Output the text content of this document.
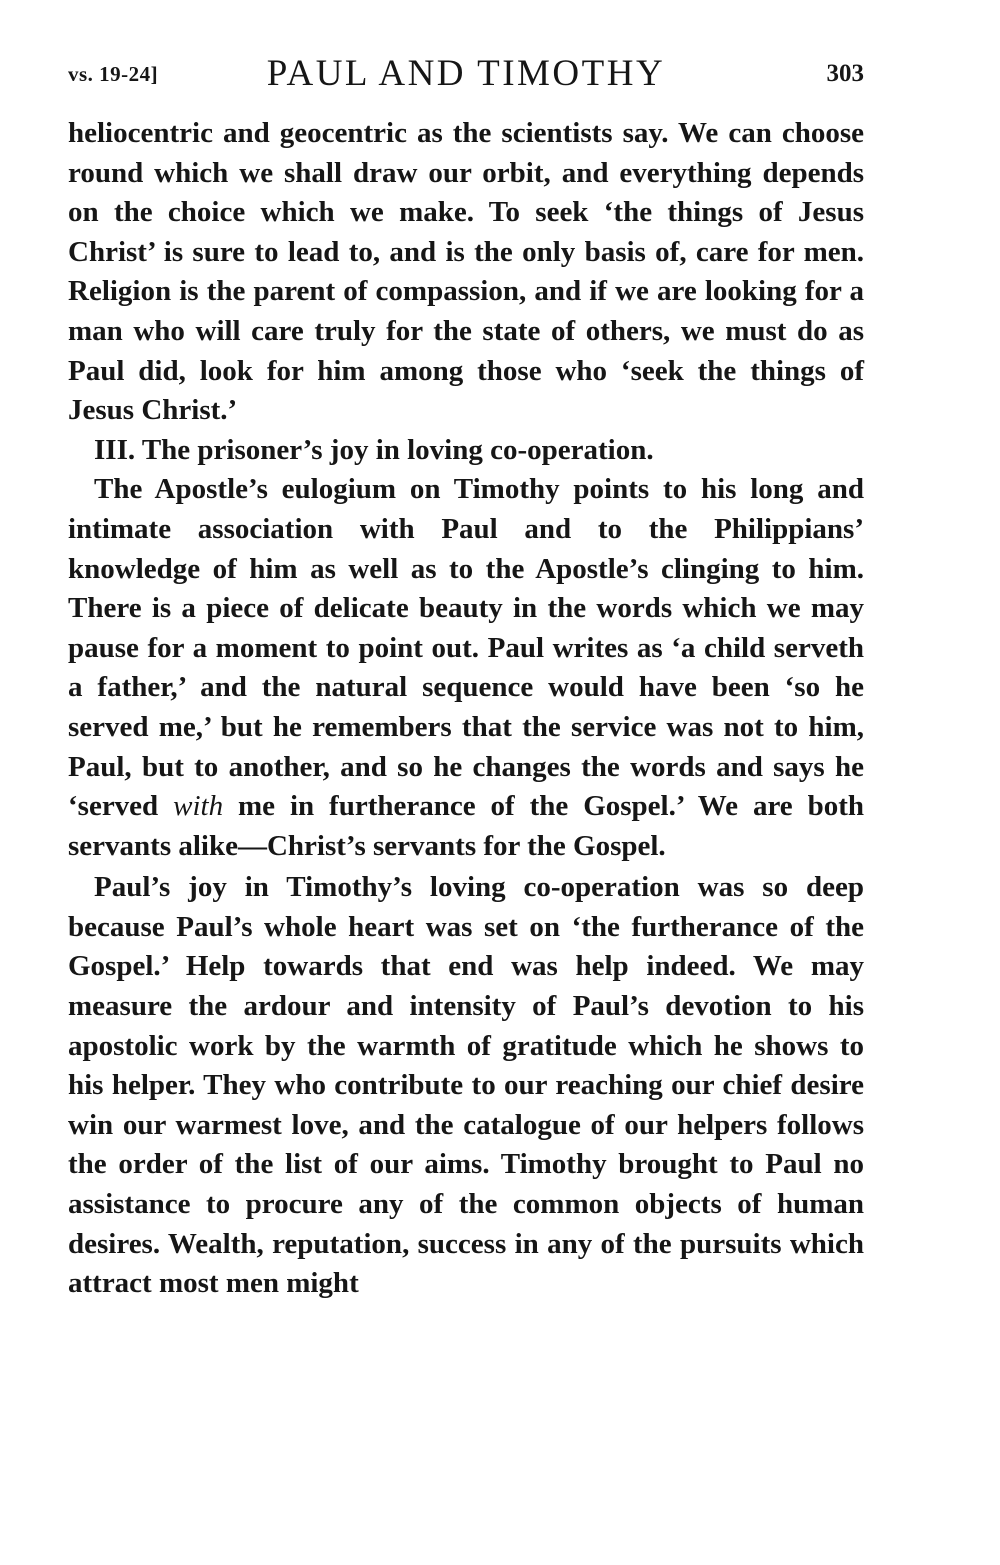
vs. 19-24]	PAUL AND TIMOTHY	303

heliocentric and geocentric as the scientists say. We can choose round which we shall draw our orbit, and everything depends on the choice which we make. To seek ‘the things of Jesus Christ’ is sure to lead to, and is the only basis of, care for men. Religion is the parent of compassion, and if we are looking for a man who will care truly for the state of others, we must do as Paul did, look for him among those who ‘seek the things of Jesus Christ.’

III. The prisoner’s joy in loving co-operation.

The Apostle’s eulogium on Timothy points to his long and intimate association with Paul and to the Philippians’ knowledge of him as well as to the Apostle’s clinging to him. There is a piece of delicate beauty in the words which we may pause for a moment to point out. Paul writes as ‘a child serveth a father,’ and the natural sequence would have been ‘so he served me,’ but he remembers that the service was not to him, Paul, but to another, and so he changes the words and says he ‘served with me in furtherance of the Gospel.’ We are both servants alike—Christ’s servants for the Gospel.

Paul’s joy in Timothy’s loving co-operation was so deep because Paul’s whole heart was set on ‘the furtherance of the Gospel.’ Help towards that end was help indeed. We may measure the ardour and intensity of Paul’s devotion to his apostolic work by the warmth of gratitude which he shows to his helper. They who contribute to our reaching our chief desire win our warmest love, and the catalogue of our helpers follows the order of the list of our aims. Timothy brought to Paul no assistance to procure any of the common objects of human desires. Wealth, reputation, success in any of the pursuits which attract most men might
